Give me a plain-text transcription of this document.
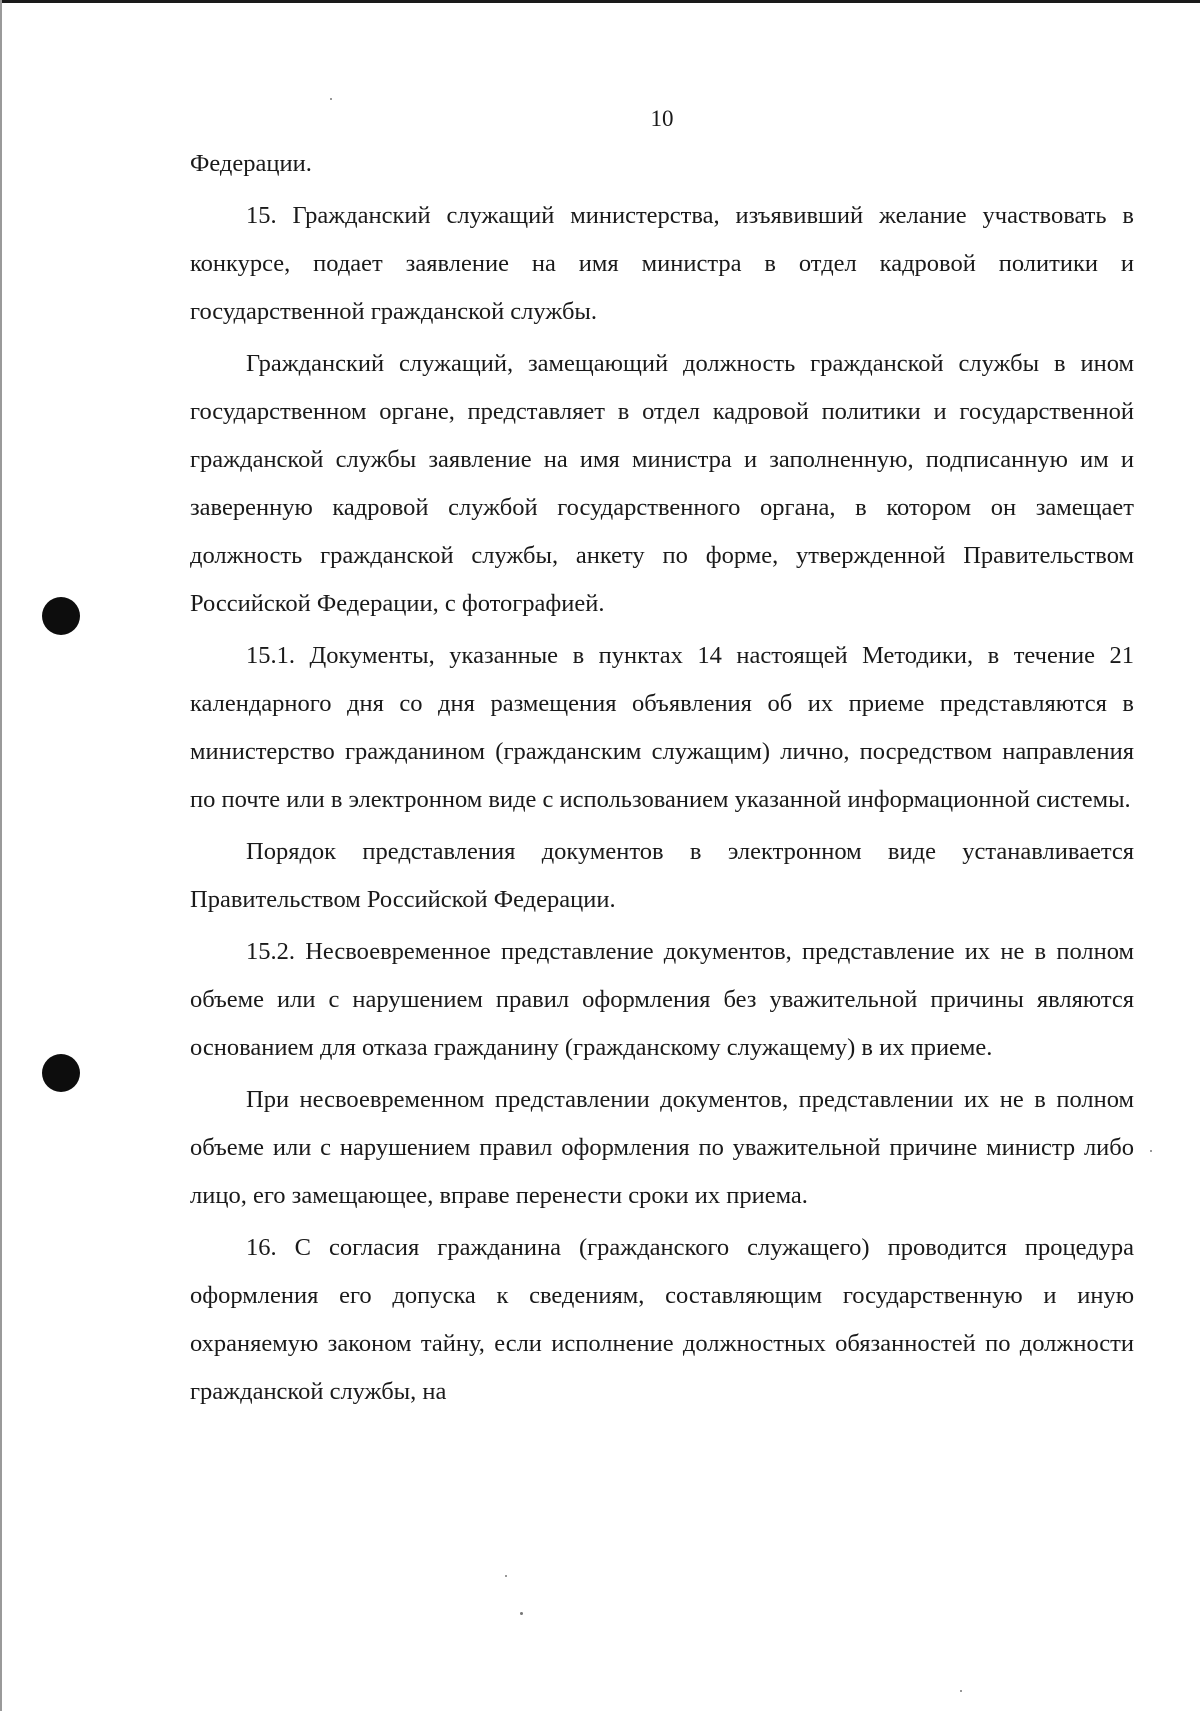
10

Федерации.

15. Гражданский служащий министерства, изъявивший желание участвовать в конкурсе, подает заявление на имя министра в отдел кадровой политики и государственной гражданской службы.

Гражданский служащий, замещающий должность гражданской службы в ином государственном органе, представляет в отдел кадровой политики и государственной гражданской службы заявление на имя министра и заполненную, подписанную им и заверенную кадровой службой государственного органа, в котором он замещает должность гражданской службы, анкету по форме, утвержденной Правительством Российской Федерации, с фотографией.

15.1. Документы, указанные в пунктах 14 настоящей Методики, в течение 21 календарного дня со дня размещения объявления об их приеме представляются в министерство гражданином (гражданским служащим) лично, посредством направления по почте или в электронном виде с использованием указанной информационной системы.

Порядок представления документов в электронном виде устанавливается Правительством Российской Федерации.

15.2. Несвоевременное представление документов, представление их не в полном объеме или с нарушением правил оформления без уважительной причины являются основанием для отказа гражданину (гражданскому служащему) в их приеме.

При несвоевременном представлении документов, представлении их не в полном объеме или с нарушением правил оформления по уважительной причине министр либо лицо, его замещающее, вправе перенести сроки их приема.

16. С согласия гражданина (гражданского служащего) проводится процедура оформления его допуска к сведениям, составляющим государственную и иную охраняемую законом тайну, если исполнение должностных обязанностей по должности гражданской службы, на
